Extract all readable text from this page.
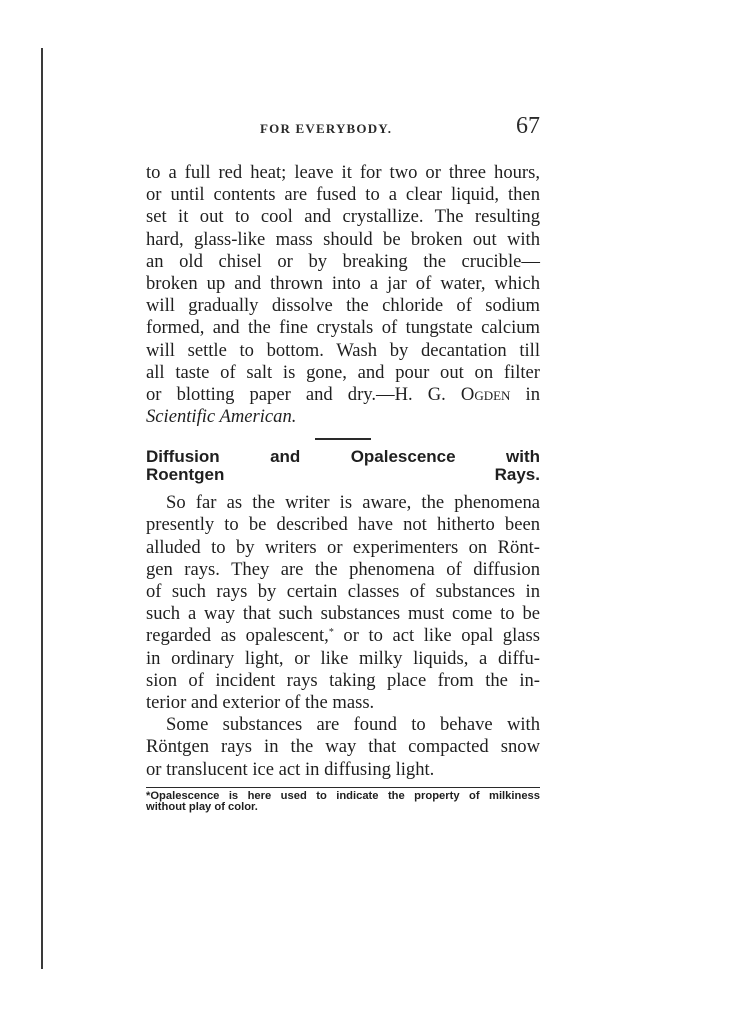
FOR EVERYBODY.	67
to a full red heat; leave it for two or three hours,
or until contents are fused to a clear liquid, then
set it out to cool and crystallize. The resulting
hard, glass-like mass should be broken out with
an old chisel or by breaking the crucible—
broken up and thrown into a jar of water, which
will gradually dissolve the chloride of sodium
formed, and the fine crystals of tungstate calcium
will settle to bottom. Wash by decantation till
all taste of salt is gone, and pour out on filter
or blotting paper and dry.—H. G. Ogden in
Scientific American.
Diffusion and Opalescence with
Roentgen Rays.
So far as the writer is aware, the phenomena
presently to be described have not hitherto been
alluded to by writers or experimenters on Rönt-
gen rays. They are the phenomena of diffusion
of such rays by certain classes of substances in
such a way that such substances must come to be
regarded as opalescent,* or to act like opal glass
in ordinary light, or like milky liquids, a diffu-
sion of incident rays taking place from the in-
terior and exterior of the mass.
Some substances are found to behave with
Röntgen rays in the way that compacted snow
or translucent ice act in diffusing light.
*Opalescence is here used to indicate the property of milkiness
without play of color.
